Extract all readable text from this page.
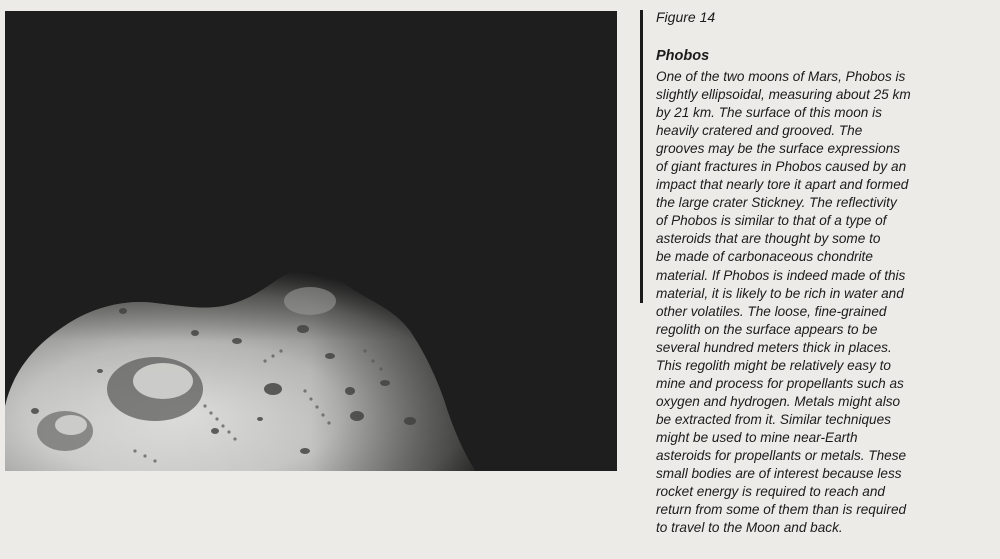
Figure 14

Phobos

One of the two moons of Mars, Phobos is
slightly ellipsoidal, measuring about 25 km
by 21 km. The surface of this moon is
heavily cratered and grooved. The
grooves may be the surface expressions
of giant fractures in Phobos caused by an
impact that nearly tore it apart and formed
the large crater Stickney. The reflectivity
of Phobos is similar to that of a type of
asteroids that are thought by some to
be made of carbonaceous chondrite
material. If Phobos is indeed made of this
material, it is likely to be rich in water and
other volatiles. The loose, fine-grained
regolith on the surface appears to be
several hundred meters thick in places.
This regolith might be relatively easy to
mine and process for propellants such as
oxygen and hydrogen. Metals might also
be extracted from it. Similar techniques
might be used to mine near-Earth
asteroids for propellants or metals. These
small bodies are of interest because less
rocket energy is required to reach and
return from some of them than is required
to travel to the Moon and back.
